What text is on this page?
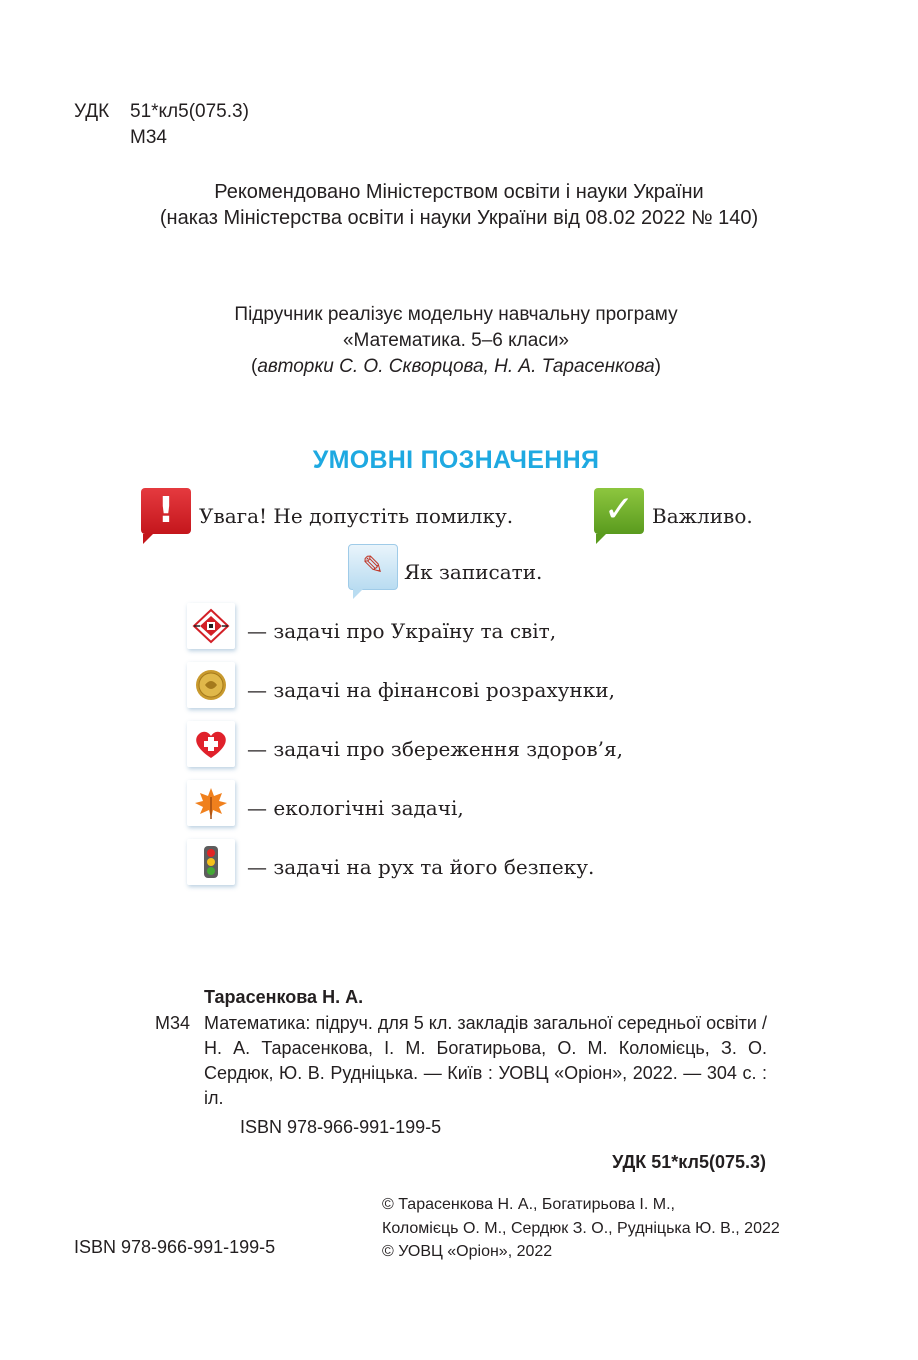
УДК 51*кл5(075.3)
М34
Рекомендовано Міністерством освіти і науки України
(наказ Міністерства освіти і науки України від 08.02 2022 № 140)
Підручник реалізує модельну навчальну програму
«Математика. 5–6 класи»
(авторки С. О. Скворцова, Н. А. Тарасенкова)
УМОВНІ ПОЗНАЧЕННЯ
!	Увага! Не допустіть помилку.	✓ Важливо.
✎	Як записати.
— задачі про Україну та світ,
— задачі на фінансові розрахунки,
— задачі про збереження здоров’я,
— екологічні задачі,
— задачі на рух та його безпеку.
Тарасенкова Н. А.
М34 Математика: підруч. для 5 кл. закладів загальної середньої освіти / Н. А. Тарасенкова, І. М. Богатирьова, О. М. Коломієць, З. О. Сердюк, Ю. В. Рудніцька. — Київ : УОВЦ «Оріон», 2022. — 304 с. : іл.
ISBN 978-966-991-199-5
УДК 51*кл5(075.3)
© Тарасенкова Н. А., Богатирьова І. М.,
Коломієць О. М., Сердюк З. О., Рудніцька Ю. В., 2022
© УОВЦ «Оріон», 2022
ISBN 978-966-991-199-5
